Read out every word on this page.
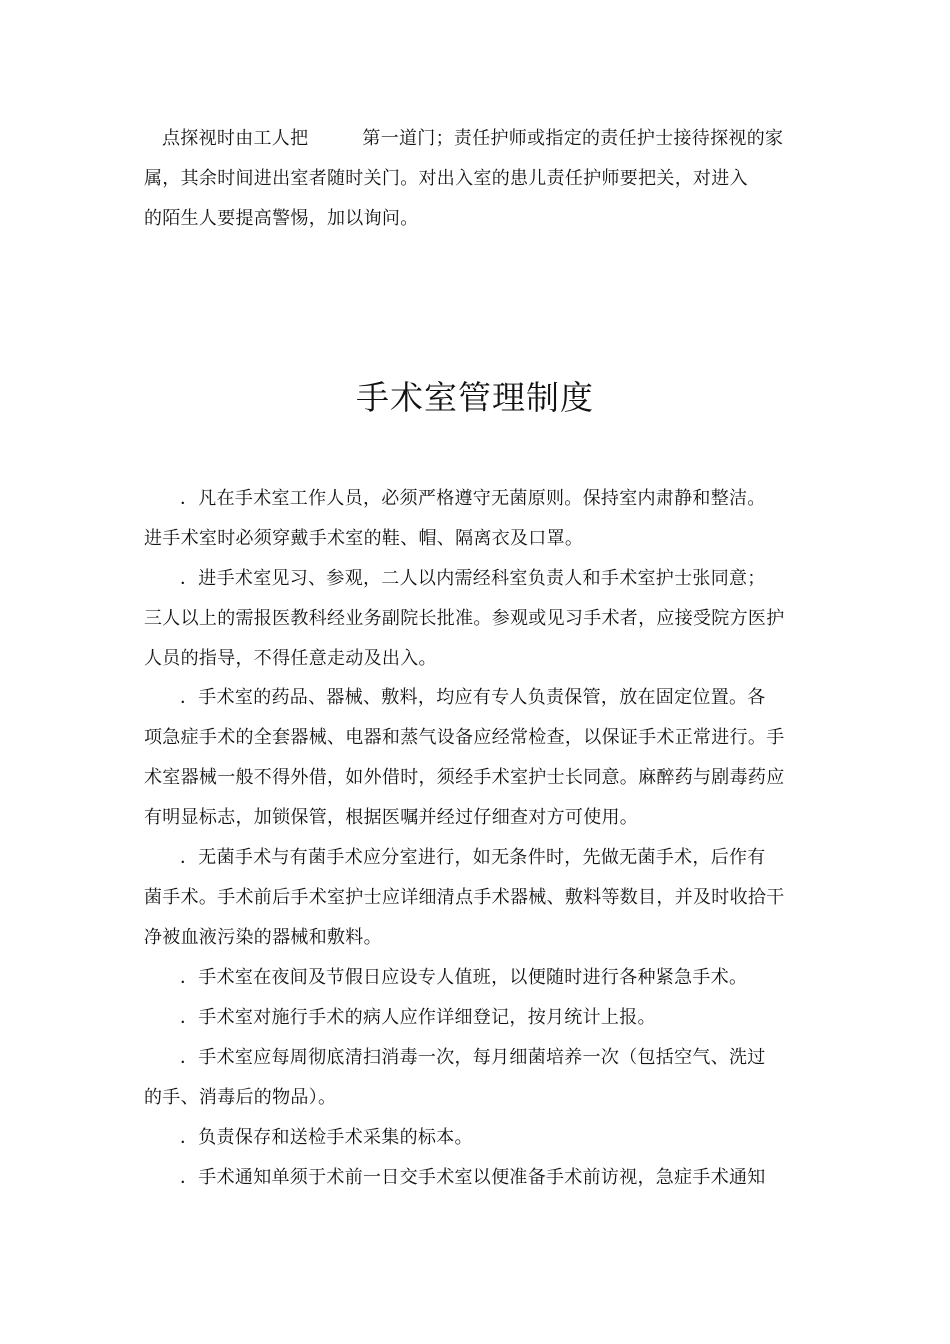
点探视时由工人把	第一道门；责任护师或指定的责任护士接待探视的家
属，其余时间进出室者随时关门。对出入室的患儿责任护师要把关，对进入
的陌生人要提高警惕，加以询问。
手术室管理制度
．凡在手术室工作人员，必须严格遵守无菌原则。保持室内肃静和整洁。
进手术室时必须穿戴手术室的鞋、帽、隔离衣及口罩。
．进手术室见习、参观，二人以内需经科室负责人和手术室护士张同意；
三人以上的需报医教科经业务副院长批准。参观或见习手术者，应接受院方医护
人员的指导，不得任意走动及出入。
．手术室的药品、器械、敷料，均应有专人负责保管，放在固定位置。各
项急症手术的全套器械、电器和蒸气设备应经常检查，以保证手术正常进行。手
术室器械一般不得外借，如外借时，须经手术室护士长同意。麻醉药与剧毒药应
有明显标志，加锁保管，根据医嘱并经过仔细查对方可使用。
．无菌手术与有菌手术应分室进行，如无条件时，先做无菌手术，后作有
菌手术。手术前后手术室护士应详细清点手术器械、敷料等数目，并及时收拾干
净被血液污染的器械和敷料。
．手术室在夜间及节假日应设专人值班，以便随时进行各种紧急手术。
．手术室对施行手术的病人应作详细登记，按月统计上报。
．手术室应每周彻底清扫消毒一次，每月细菌培养一次（包括空气、洗过
的手、消毒后的物品）。
．负责保存和送检手术采集的标本。
．手术通知单须于术前一日交手术室以便准备手术前访视，急症手术通知
